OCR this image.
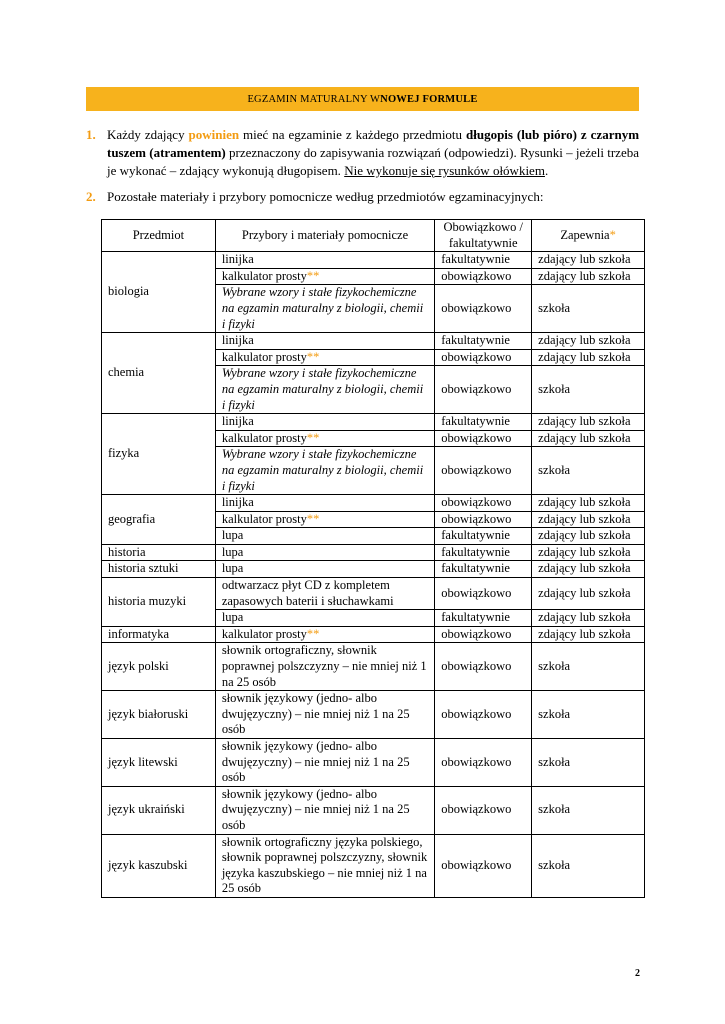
EGZAMIN MATURALNY W NOWEJ FORMULE
1. Każdy zdający powinien mieć na egzaminie z każdego przedmiotu długopis (lub pióro) z czarnym tuszem (atramentem) przeznaczony do zapisywania rozwiązań (odpowiedzi). Rysunki – jeżeli trzeba je wykonać – zdający wykonują długopisem. Nie wykonuje się rysunków ołówkiem.
2. Pozostałe materiały i przybory pomocnicze według przedmiotów egzaminacyjnych:
Przedmiot	Przybory i materiały pomocnicze	Obowiązkowo / fakultatywnie	Zapewnia*
biologia	linijka	fakultatywnie	zdający lub szkoła
	kalkulator prosty**	obowiązkowo	zdający lub szkoła
	Wybrane wzory i stałe fizykochemiczne na egzamin maturalny z biologii, chemii i fizyki	obowiązkowo	szkoła
chemia	linijka	fakultatywnie	zdający lub szkoła
	kalkulator prosty**	obowiązkowo	zdający lub szkoła
	Wybrane wzory i stałe fizykochemiczne na egzamin maturalny z biologii, chemii i fizyki	obowiązkowo	szkoła
fizyka	linijka	fakultatywnie	zdający lub szkoła
	kalkulator prosty**	obowiązkowo	zdający lub szkoła
	Wybrane wzory i stałe fizykochemiczne na egzamin maturalny z biologii, chemii i fizyki	obowiązkowo	szkoła
geografia	linijka	obowiązkowo	zdający lub szkoła
	kalkulator prosty**	obowiązkowo	zdający lub szkoła
	lupa	fakultatywnie	zdający lub szkoła
historia	lupa	fakultatywnie	zdający lub szkoła
historia sztuki	lupa	fakultatywnie	zdający lub szkoła
historia muzyki	odtwarzacz płyt CD z kompletem zapasowych baterii i słuchawkami	obowiązkowo	zdający lub szkoła
	lupa	fakultatywnie	zdający lub szkoła
informatyka	kalkulator prosty**	obowiązkowo	zdający lub szkoła
język polski	słownik ortograficzny, słownik poprawnej polszczyzny – nie mniej niż 1 na 25 osób	obowiązkowo	szkoła
język białoruski	słownik językowy (jedno- albo dwujęzyczny) – nie mniej niż 1 na 25 osób	obowiązkowo	szkoła
język litewski	słownik językowy (jedno- albo dwujęzyczny) – nie mniej niż 1 na 25 osób	obowiązkowo	szkoła
język ukraiński	słownik językowy (jedno- albo dwujęzyczny) – nie mniej niż 1 na 25 osób	obowiązkowo	szkoła
język kaszubski	słownik ortograficzny języka polskiego, słownik poprawnej polszczyzny, słownik języka kaszubskiego – nie mniej niż 1 na 25 osób	obowiązkowo	szkoła
2
